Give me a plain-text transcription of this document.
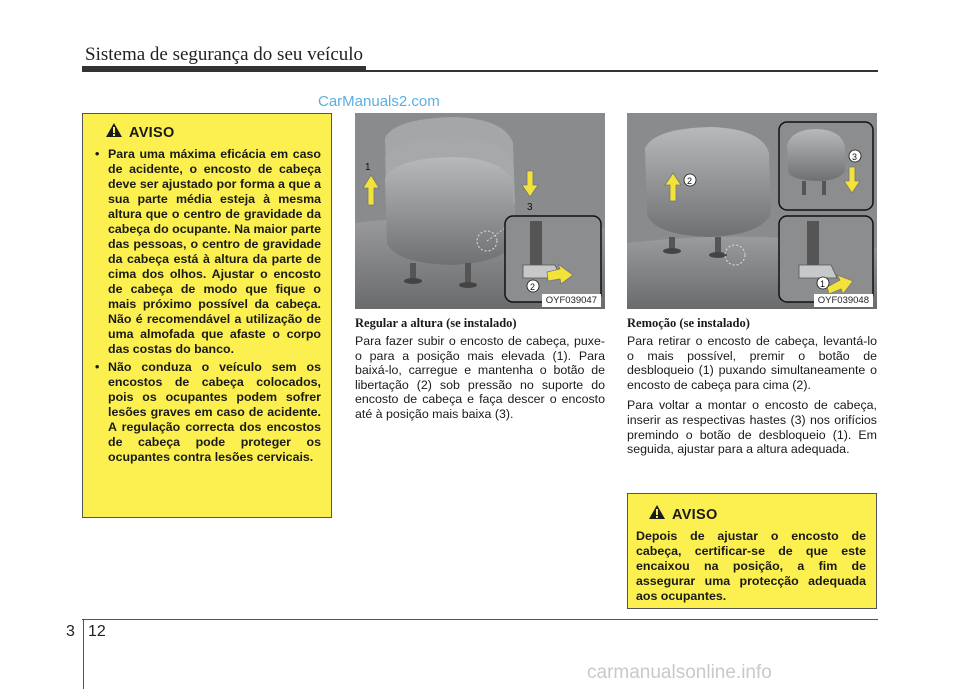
Sistema de segurança do seu veículo
CarManuals2.com
AVISO
• Para uma máxima eficácia em caso de acidente, o encosto de cabeça deve ser ajustado por forma a que a sua parte média esteja à mesma altura que o centro de gravidade da cabeça do ocupante. Na maior parte das pessoas, o centro de gravidade da cabeça está à altura da parte de cima dos olhos. Ajustar o encosto de cabeça de modo que fique o mais próximo possível da cabeça. Não é recomendável a utilização de uma almofada que afaste o corpo das costas do banco.
• Não conduza o veículo sem os encostos de cabeça colocados, pois os ocupantes podem sofrer lesões graves em caso de acidente. A regulação correcta dos encostos de cabeça pode proteger os ocupantes contra lesões cervicais.
1
3
2
OYF039047
2
3
1
OYF039048

Regular a altura (se instalado)

Para fazer subir o encosto de cabeça, puxe-o para a posição mais elevada (1). Para baixá-lo, carregue e mantenha o botão de libertação (2) sob pressão no suporte do encosto de cabeça e faça descer o encosto até à posição mais baixa (3).

Remoção (se instalado)

Para retirar o encosto de cabeça, levantá-lo o mais possível, premir o botão de desbloqueio (1) puxando simultaneamente o encosto de cabeça para cima (2).

Para voltar a montar o encosto de cabeça, inserir as respectivas hastes (3) nos orifícios premindo o botão de desbloqueio (1). Em seguida, ajustar para a altura adequada.

AVISO

Depois de ajustar o encosto de cabeça, certificar-se de que este encaixou na posição, a fim de assegurar uma protecção adequada aos ocupantes.

3 12
carmanualsonline.info
